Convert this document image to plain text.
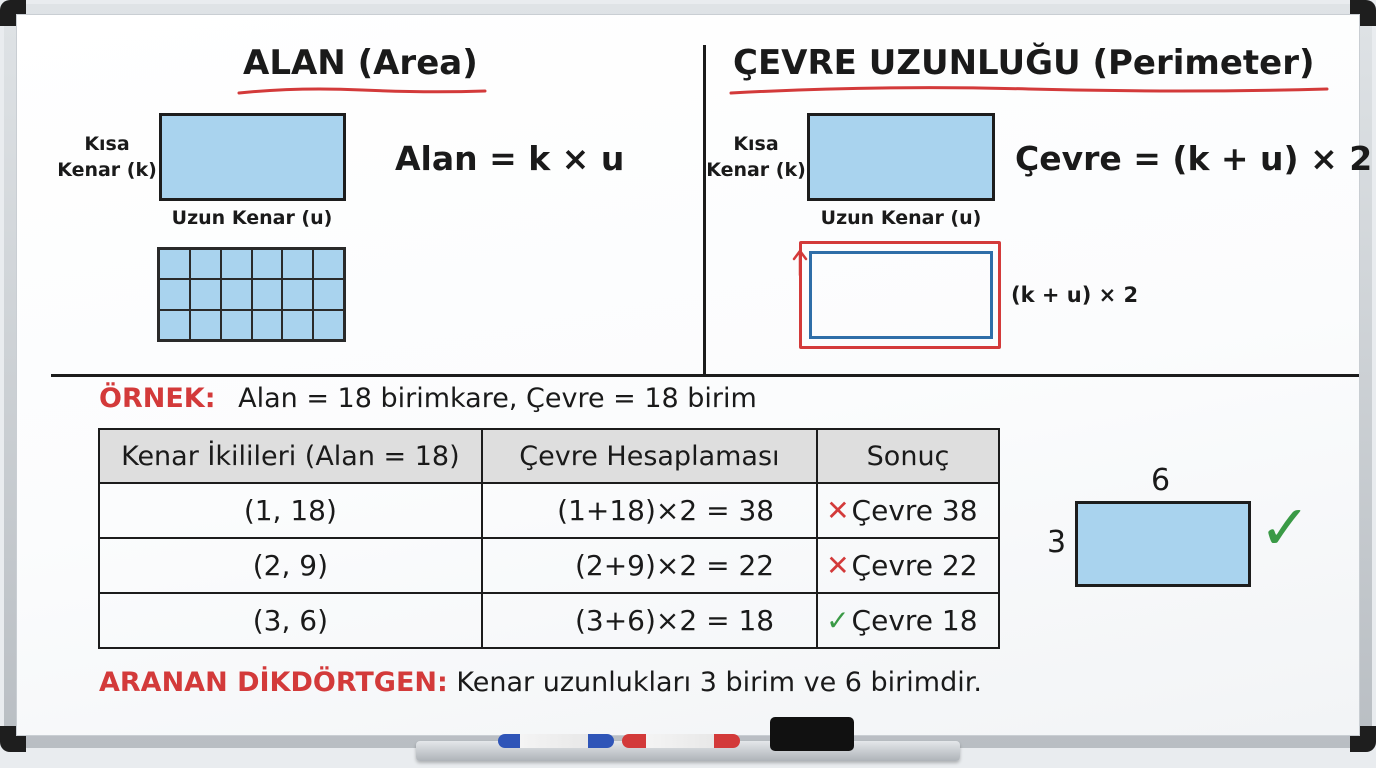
ALAN (Area)
Kısa
Kenar (k)
Uzun Kenar (u)
Alan = k × u
ÇEVRE UZUNLUĞU (Perimeter)
Kısa
Kenar (k)
Uzun Kenar (u)
Çevre = (k + u) × 2
(k + u) × 2
ÖRNEK: Alan = 18 birimkare, Çevre = 18 birim
Kenar İkilileri (Alan = 18)	Çevre Hesaplaması	Sonuç
(1, 18)	(1+18)×2 = 38	✕Çevre 38
(2, 9)	(2+9)×2 = 22	✕Çevre 22
(3, 6)	(3+6)×2 = 18	✓Çevre 18
6
3	✓
ARANAN DİKDÖRTGEN: Kenar uzunlukları 3 birim ve 6 birimdir.
